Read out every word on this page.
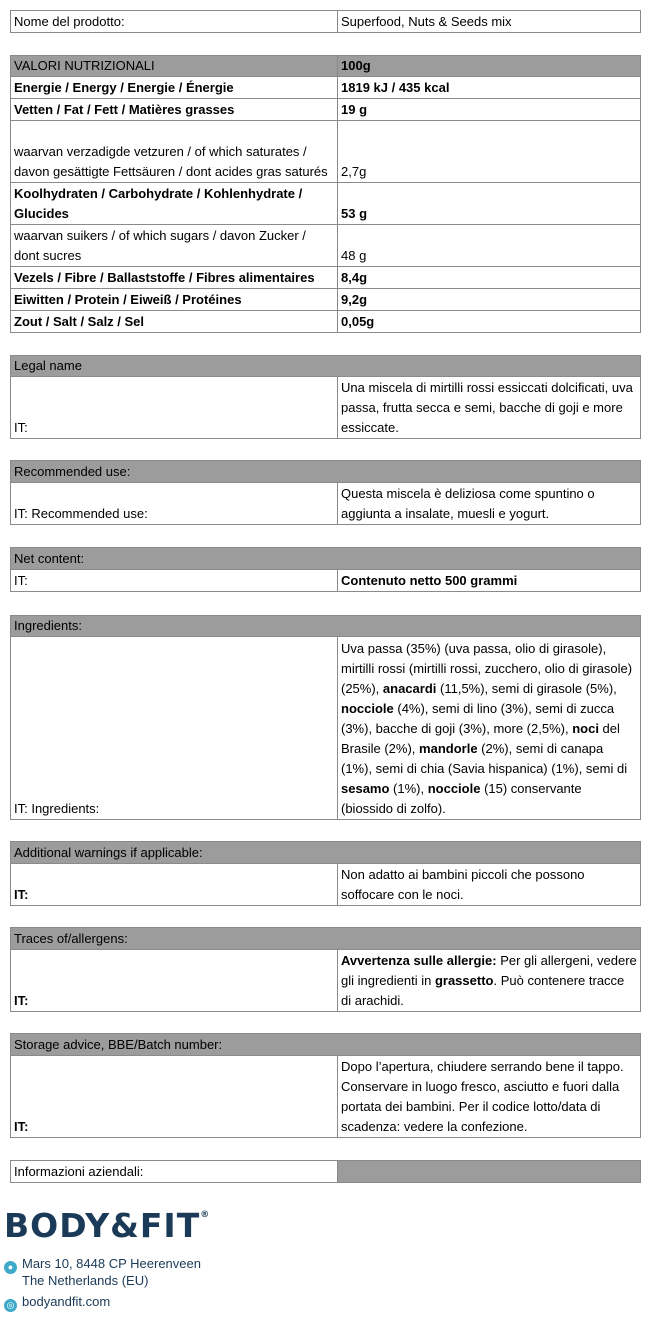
Nome del prodotto:	Superfood, Nuts & Seeds mix
VALORI NUTRIZIONALI	100g
Energie / Energy / Energie / Énergie	1819 kJ / 435 kcal
Vetten / Fat / Fett / Matières grasses	19 g
waarvan verzadigde vetzuren / of which saturates / davon gesättigte Fettsäuren / dont acides gras saturés	2,7g
Koolhydraten / Carbohydrate / Kohlenhydrate / Glucides	53 g
waarvan suikers / of which sugars / davon Zucker / dont sucres	48 g
Vezels / Fibre / Ballaststoffe / Fibres alimentaires	8,4g
Eiwitten / Protein / Eiweiß / Protéines	9,2g
Zout / Salt / Salz / Sel	0,05g
Legal name
IT:	Una miscela di mirtilli rossi essiccati dolcificati, uva passa, frutta secca e semi, bacche di goji e more essiccate.
Recommended use:
IT: Recommended use:	Questa miscela è deliziosa come spuntino o aggiunta a insalate, muesli e yogurt.
Net content:
IT:	Contenuto netto 500 grammi
Ingredients:
IT: Ingredients:	Uva passa (35%) (uva passa, olio di girasole), mirtilli rossi (mirtilli rossi, zucchero, olio di girasole) (25%), anacardi (11,5%), semi di girasole (5%), nocciole (4%), semi di lino (3%), semi di zucca (3%), bacche di goji (3%), more (2,5%), noci del Brasile (2%), mandorle (2%), semi di canapa (1%), semi di chia (Savia hispanica) (1%), semi di sesamo (1%), nocciole (15) conservante (biossido di zolfo).
Additional warnings if applicable:
IT:	Non adatto ai bambini piccoli che possono soffocare con le noci.
Traces of/allergens:
IT:	Avvertenza sulle allergie: Per gli allergeni, vedere gli ingredienti in grassetto. Può contenere tracce di arachidi.
Storage advice, BBE/Batch number:
IT:	Dopo l’apertura, chiudere serrando bene il tappo. Conservare in luogo fresco, asciutto e fuori dalla portata dei bambini. Per il codice lotto/data di scadenza: vedere la confezione.
Informazioni aziendali:	
BODY&FIT®
● Mars 10, 8448 CP Heerenveen
The Netherlands (EU)
◎ bodyandfit.com
